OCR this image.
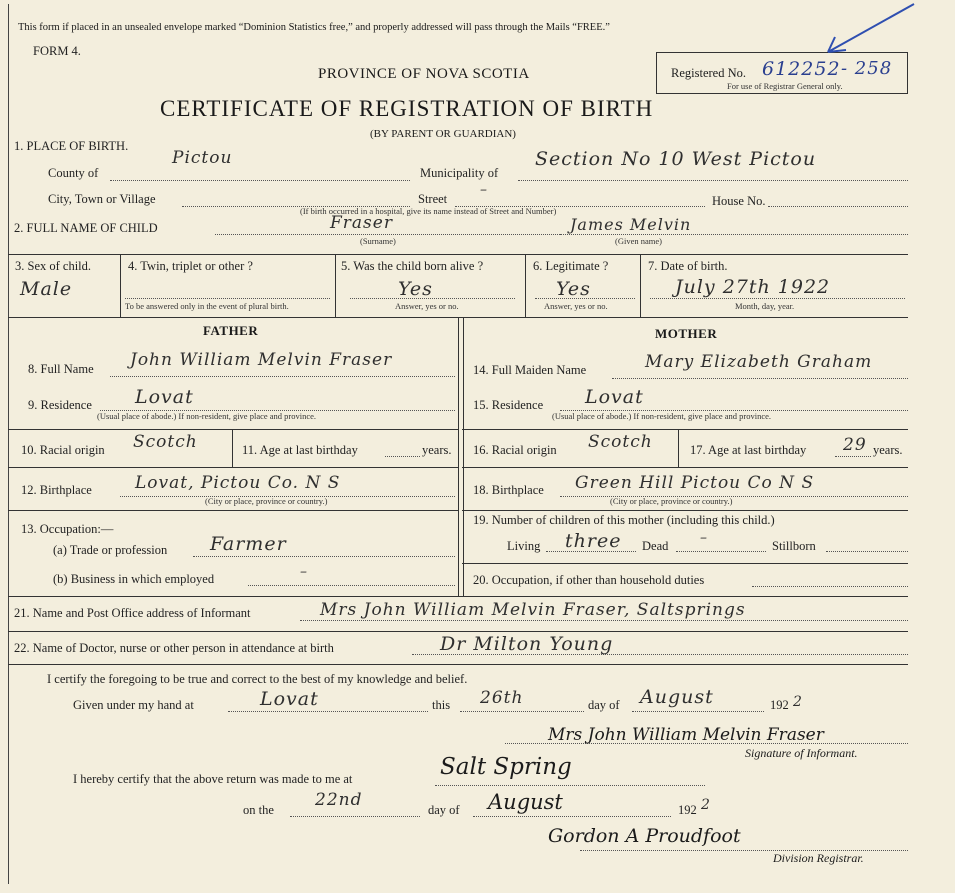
This form if placed in an unsealed envelope marked “Dominion Statistics free,” and properly addressed will pass through the Mails “FREE.”
FORM 4.
PROVINCE OF NOVA SCOTIA
CERTIFICATE OF REGISTRATION OF BIRTH
(BY PARENT OR GUARDIAN)
Registered No. 612252 - 258
For use of Registrar General only.
1. PLACE OF BIRTH.
County of
Pictou
Municipality of
Section No 10 West Pictou
City, Town or Village	Street
–
House No.
(If birth occurred in a hospital, give its name instead of Street and Number)
2. FULL NAME OF CHILD	Fraser
(Surname)
James Melvin
(Given name)
3. Sex of child.
Male
4. Twin, triplet or other ?
To be answered only in the event of plural birth.
5. Was the child born alive ?
Yes
Answer, yes or no.
6. Legitimate ?
Yes
Answer, yes or no.
7. Date of birth.
July 27th 1922
Month, day, year.
FATHER	MOTHER
8. Full Name John William Melvin Fraser
9. Residence Lovat
(Usual place of abode.) If non-resident, give place and province.
10. Racial origin Scotch	11. Age at last birthday	years.
12. Birthplace	Lovat, Pictou Co. N S
(City or place, province or country.)
13. Occupation:—
(a) Trade or profession Farmer
(b) Business in which employed	–
14. Full Maiden Name	Mary Elizabeth Graham
15. Residence Lovat
(Usual place of abode.) If non-resident, give place and province.
16. Racial origin Scotch	17. Age at last birthday 29 years.
18. Birthplace Green Hill Pictou Co N S
(City or place, province or country.)
19. Number of children of this mother (including this child.)
Living three Dead –	Stillborn
20. Occupation, if other than household duties
21. Name and Post Office address of Informant	Mrs John William Melvin Fraser, Saltsprings
22. Name of Doctor, nurse or other person in attendance at birth	Dr Milton Young
I certify the foregoing to be true and correct to the best of my knowledge and belief.
Given under my hand at	Lovat	this 26th	day of August	192 2
Mrs John William Melvin Fraser
Signature of Informant.
I hereby certify that the above return was made to me at	Salt Spring
on the 22nd	day of August	192 2
Gordon A Proudfoot
Division Registrar.
